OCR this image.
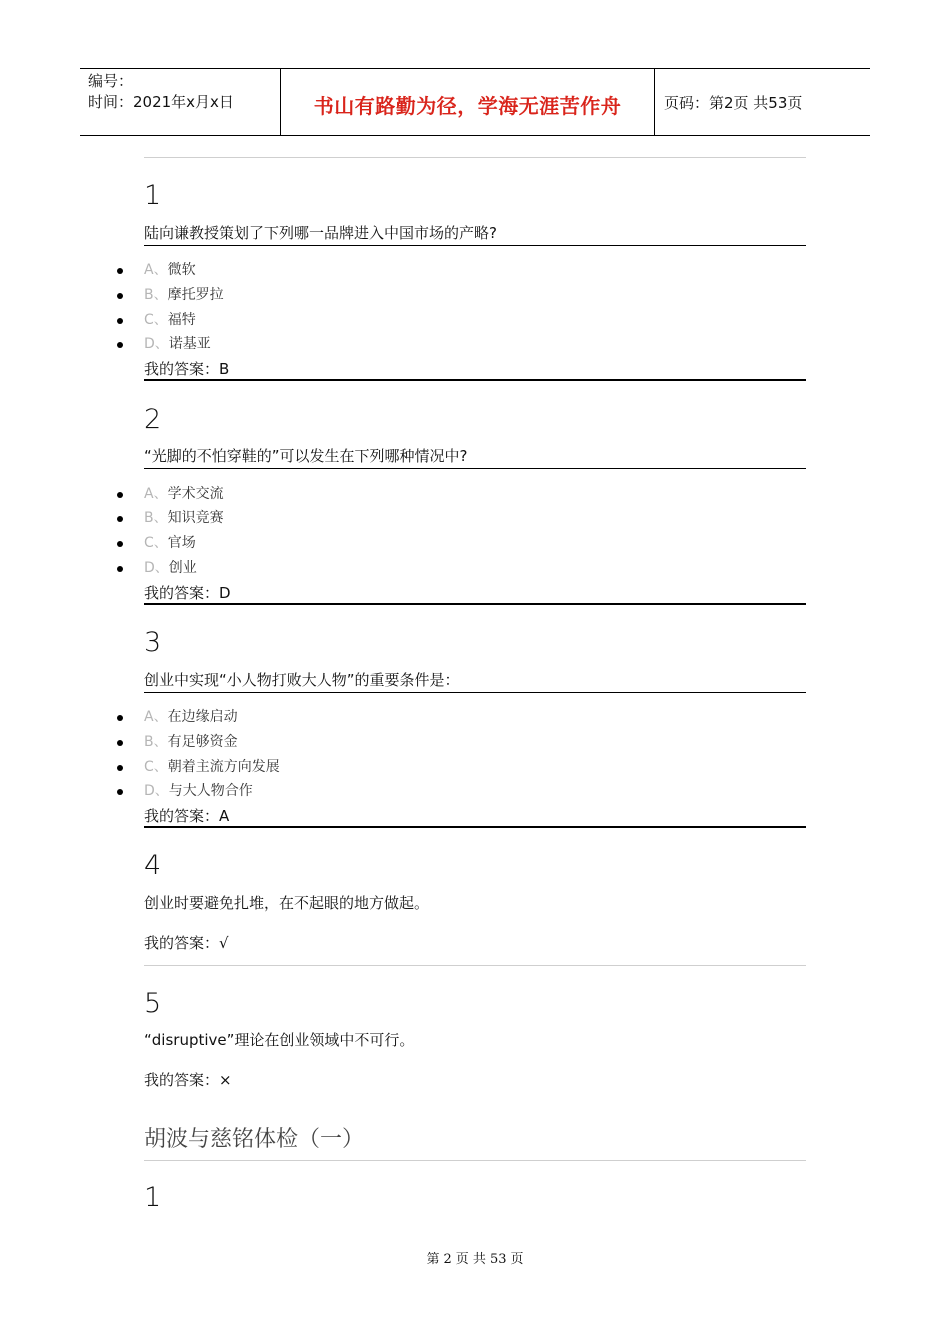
编号：
时间：2021年x月x日	书山有路勤为径，学海无涯苦作舟	页码：第2页 共53页
1
陆向谦教授策划了下列哪一品牌进入中国市场的产略?
A、微软
B、摩托罗拉
C、福特
D、诺基亚
我的答案：B
2
“光脚的不怕穿鞋的”可以发生在下列哪种情况中?
A、学术交流
B、知识竞赛
C、官场
D、创业
我的答案：D
3
创业中实现“小人物打败大人物”的重要条件是：
A、在边缘启动
B、有足够资金
C、朝着主流方向发展
D、与大人物合作
我的答案：A
4
创业时要避免扎堆，在不起眼的地方做起。
我的答案：√
5
“disruptive”理论在创业领域中不可行。
我的答案：×
胡波与慈铭体检（一）
1
第 2 页 共 53 页
